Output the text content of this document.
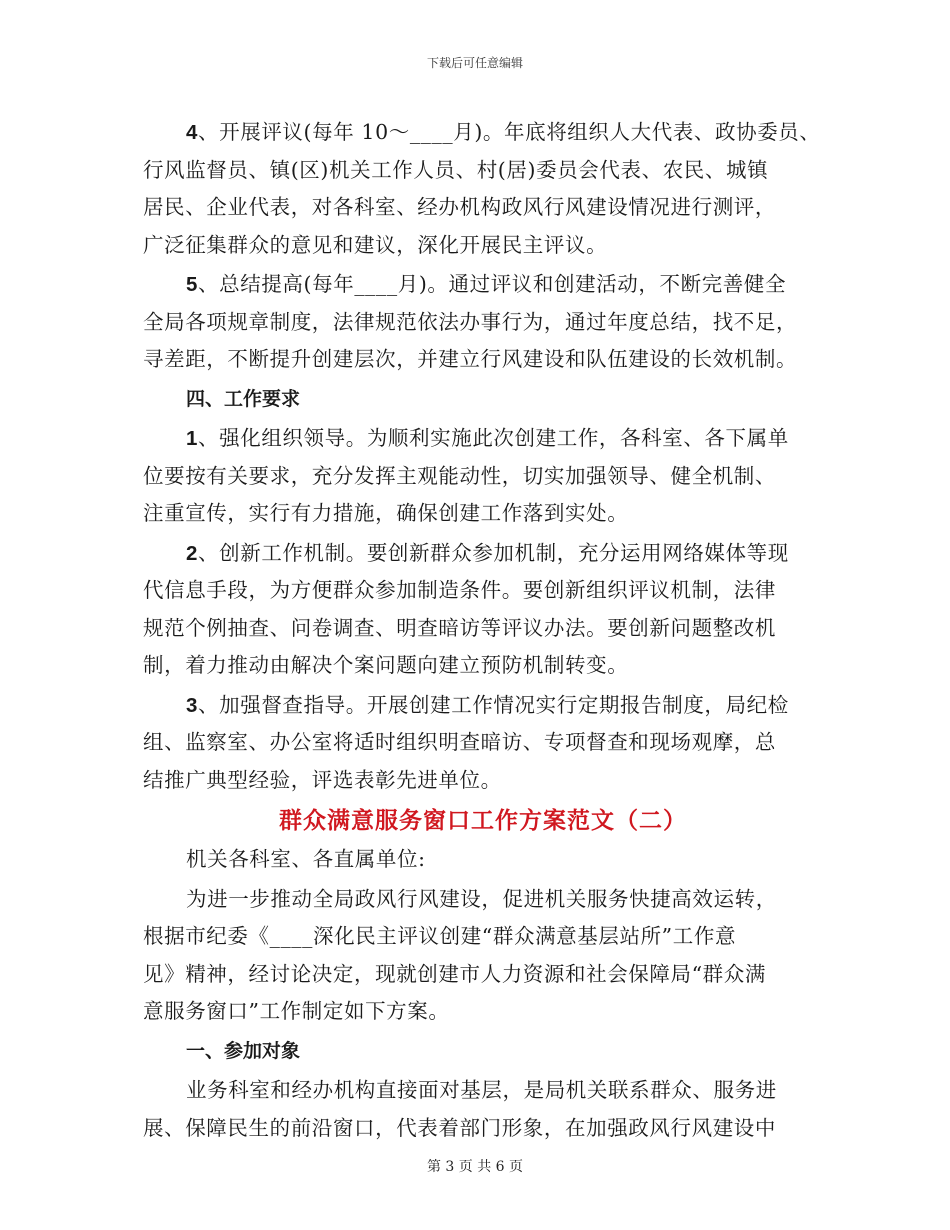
下载后可任意编辑

4、开展评议(每年 10～____月)。年底将组织人大代表、政协委员、
行风监督员、镇(区)机关工作人员、村(居)委员会代表、农民、城镇
居民、企业代表，对各科室、经办机构政风行风建设情况进行测评，
广泛征集群众的意见和建议，深化开展民主评议。

5、总结提高(每年____月)。通过评议和创建活动，不断完善健全
全局各项规章制度，法律规范依法办事行为，通过年度总结，找不足，
寻差距，不断提升创建层次，并建立行风建设和队伍建设的长效机制。

四、工作要求

1、强化组织领导。为顺利实施此次创建工作，各科室、各下属单
位要按有关要求，充分发挥主观能动性，切实加强领导、健全机制、
注重宣传，实行有力措施，确保创建工作落到实处。

2、创新工作机制。要创新群众参加机制，充分运用网络媒体等现
代信息手段，为方便群众参加制造条件。要创新组织评议机制，法律
规范个例抽查、问卷调查、明查暗访等评议办法。要创新问题整改机
制，着力推动由解决个案问题向建立预防机制转变。

3、加强督查指导。开展创建工作情况实行定期报告制度，局纪检
组、监察室、办公室将适时组织明查暗访、专项督查和现场观摩，总
结推广典型经验，评选表彰先进单位。

群众满意服务窗口工作方案范文（二）

机关各科室、各直属单位:

为进一步推动全局政风行风建设，促进机关服务快捷高效运转，
根据市纪委《____深化民主评议创建“群众满意基层站所”工作意
见》精神，经讨论决定，现就创建市人力资源和社会保障局“群众满
意服务窗口”工作制定如下方案。

一、参加对象

业务科室和经办机构直接面对基层，是局机关联系群众、服务进
展、保障民生的前沿窗口，代表着部门形象，在加强政风行风建设中

第 3 页 共 6 页
